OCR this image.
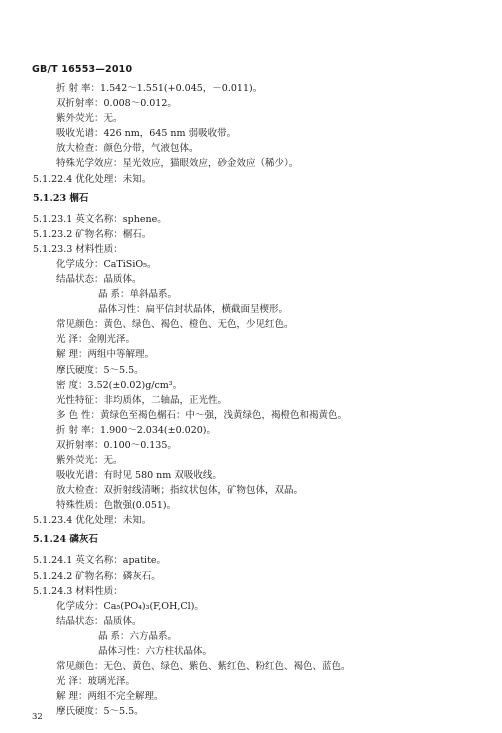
GB/T 16553—2010
折 射 率：1.542～1.551(+0.045，－0.011)。
双折射率：0.008～0.012。
紫外荧光：无。
吸收光谱：426 nm，645 nm 弱吸收带。
放大检查：颜色分带，气液包体。
特殊光学效应：星光效应，猫眼效应，砂金效应（稀少）。
5.1.22.4 优化处理：未知。
5.1.23 榍石
5.1.23.1 英文名称：sphene。
5.1.23.2 矿物名称：榍石。
5.1.23.3 材料性质：
化学成分：CaTiSiO₅。
结晶状态：晶质体。
晶 系：单斜晶系。
晶体习性：扁平信封状晶体，横截面呈楔形。
常见颜色：黄色、绿色、褐色、橙色、无色，少见红色。
光 泽：金刚光泽。
解 理：两组中等解理。
摩氏硬度：5～5.5。
密 度：3.52(±0.02)g/cm³。
光性特征：非均质体，二轴晶，正光性。
多 色 性：黄绿色至褐色榍石：中～强，浅黄绿色，褐橙色和褐黄色。
折 射 率：1.900～2.034(±0.020)。
双折射率：0.100～0.135。
紫外荧光：无。
吸收光谱：有时见 580 nm 双吸收线。
放大检查：双折射线清晰；指纹状包体，矿物包体，双晶。
特殊性质：色散强(0.051)。
5.1.23.4 优化处理：未知。
5.1.24 磷灰石
5.1.24.1 英文名称：apatite。
5.1.24.2 矿物名称：磷灰石。
5.1.24.3 材料性质：
化学成分：Ca₅(PO₄)₃(F,OH,Cl)。
结晶状态：晶质体。
晶 系：六方晶系。
晶体习性：六方柱状晶体。
常见颜色：无色、黄色、绿色、紫色、紫红色、粉红色、褐色、蓝色。
光 泽：玻璃光泽。
解 理：两组不完全解理。
摩氏硬度：5～5.5。
32
